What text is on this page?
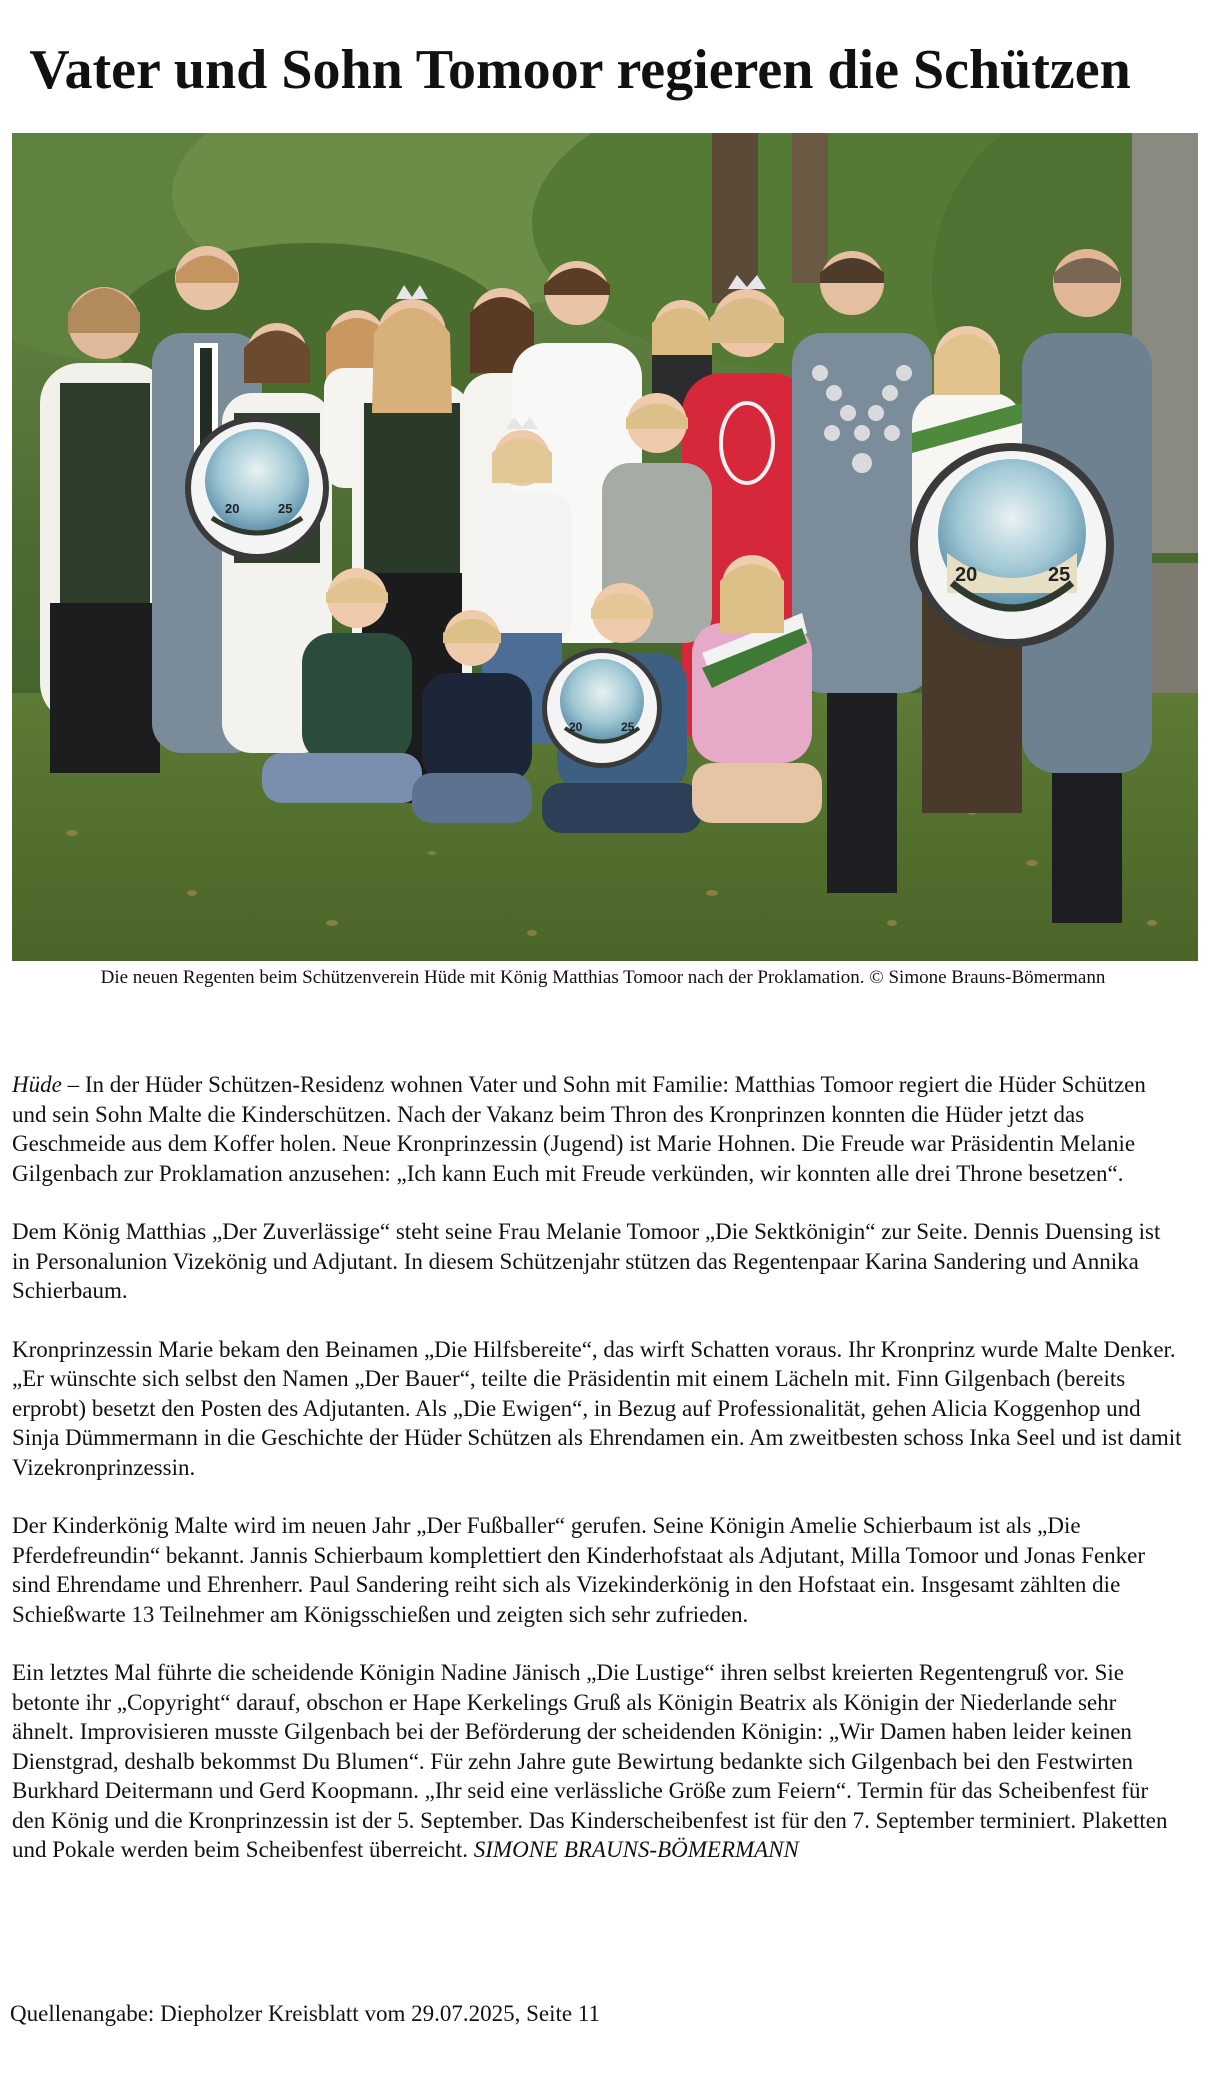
Vater und Sohn Tomoor regieren die Schützen
20	25
20	25
20	25
Die neuen Regenten beim Schützenverein Hüde mit König Matthias Tomoor nach der Proklamation. © Simone Brauns-Bömermann

Hüde – In der Hüder Schützen-Residenz wohnen Vater und Sohn mit Familie: Matthias Tomoor regiert die Hüder Schützen und sein Sohn Malte die Kinderschützen. Nach der Vakanz beim Thron des Kronprinzen konnten die Hüder jetzt das Geschmeide aus dem Koffer holen. Neue Kronprinzessin (Jugend) ist Marie Hohnen. Die Freude war Präsidentin Melanie Gilgenbach zur Proklamation anzusehen: „Ich kann Euch mit Freude verkünden, wir konnten alle drei Throne besetzen“.

Dem König Matthias „Der Zuverlässige“ steht seine Frau Melanie Tomoor „Die Sektkönigin“ zur Seite. Dennis Duensing ist in Personalunion Vizekönig und Adjutant. In diesem Schützenjahr stützen das Regentenpaar Karina Sandering und Annika Schierbaum.

Kronprinzessin Marie bekam den Beinamen „Die Hilfsbereite“, das wirft Schatten voraus. Ihr Kronprinz wurde Malte Denker. „Er wünschte sich selbst den Namen „Der Bauer“, teilte die Präsidentin mit einem Lächeln mit. Finn Gilgenbach (bereits erprobt) besetzt den Posten des Adjutanten. Als „Die Ewigen“, in Bezug auf Professionalität, gehen Alicia Koggenhop und Sinja Dümmermann in die Geschichte der Hüder Schützen als Ehrendamen ein. Am zweitbesten schoss Inka Seel und ist damit Vizekronprinzessin.

Der Kinderkönig Malte wird im neuen Jahr „Der Fußballer“ gerufen. Seine Königin Amelie Schierbaum ist als „Die Pferdefreundin“ bekannt. Jannis Schierbaum komplettiert den Kinderhofstaat als Adjutant, Milla Tomoor und Jonas Fenker sind Ehrendame und Ehrenherr. Paul Sandering reiht sich als Vizekinderkönig in den Hofstaat ein. Insgesamt zählten die Schießwarte 13 Teilnehmer am Königsschießen und zeigten sich sehr zufrieden.

Ein letztes Mal führte die scheidende Königin Nadine Jänisch „Die Lustige“ ihren selbst kreierten Regentengruß vor. Sie betonte ihr „Copyright“ darauf, obschon er Hape Kerkelings Gruß als Königin Beatrix als Königin der Niederlande sehr ähnelt. Improvisieren musste Gilgenbach bei der Beförderung der scheidenden Königin: „Wir Damen haben leider keinen Dienstgrad, deshalb bekommst Du Blumen“. Für zehn Jahre gute Bewirtung bedankte sich Gilgenbach bei den Festwirten Burkhard Deitermann und Gerd Koopmann. „Ihr seid eine verlässliche Größe zum Feiern“. Termin für das Scheibenfest für den König und die Kronprinzessin ist der 5. September. Das Kinderscheibenfest ist für den 7. September terminiert. Plaketten und Pokale werden beim Scheibenfest überreicht. SIMONE BRAUNS-BÖMERMANN

Quellenangabe: Diepholzer Kreisblatt vom 29.07.2025, Seite 11
